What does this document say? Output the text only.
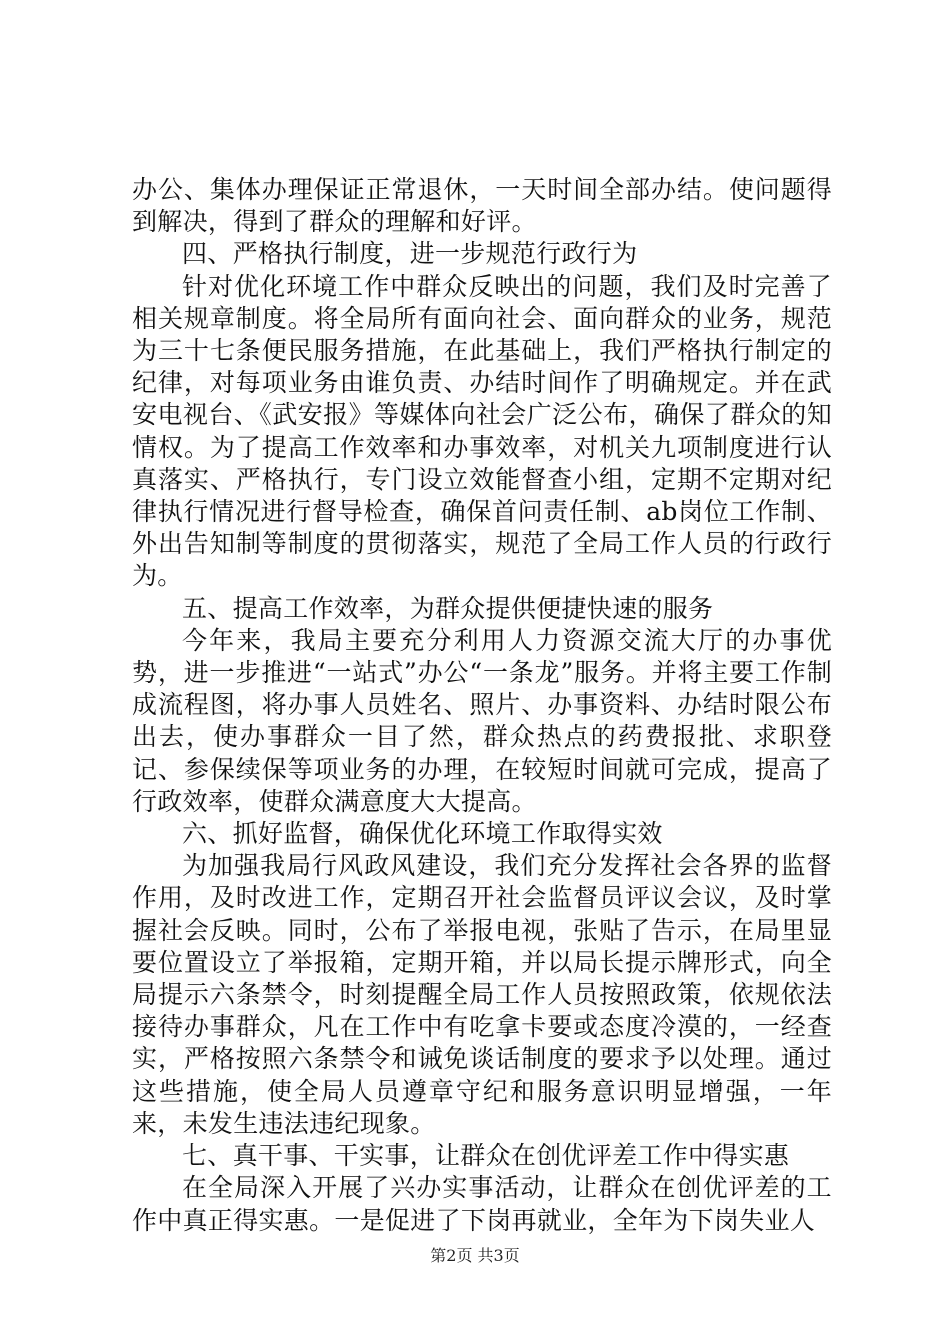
办公、集体办理保证正常退休，一天时间全部办结。使问题得到解决，得到了群众的理解和好评。

四、严格执行制度，进一步规范行政行为

针对优化环境工作中群众反映出的问题，我们及时完善了相关规章制度。将全局所有面向社会、面向群众的业务，规范为三十七条便民服务措施，在此基础上，我们严格执行制定的纪律，对每项业务由谁负责、办结时间作了明确规定。并在武安电视台、《武安报》等媒体向社会广泛公布，确保了群众的知情权。为了提高工作效率和办事效率，对机关九项制度进行认真落实、严格执行，专门设立效能督查小组，定期不定期对纪律执行情况进行督导检查，确保首问责任制、ab岗位工作制、外出告知制等制度的贯彻落实，规范了全局工作人员的行政行为。

五、提高工作效率，为群众提供便捷快速的服务

今年来，我局主要充分利用人力资源交流大厅的办事优势，进一步推进“一站式”办公“一条龙”服务。并将主要工作制成流程图，将办事人员姓名、照片、办事资料、办结时限公布出去，使办事群众一目了然，群众热点的药费报批、求职登记、参保续保等项业务的办理，在较短时间就可完成，提高了行政效率，使群众满意度大大提高。

六、抓好监督，确保优化环境工作取得实效

为加强我局行风政风建设，我们充分发挥社会各界的监督作用，及时改进工作，定期召开社会监督员评议会议，及时掌握社会反映。同时，公布了举报电视，张贴了告示，在局里显要位置设立了举报箱，定期开箱，并以局长提示牌形式，向全局提示六条禁令，时刻提醒全局工作人员按照政策，依规依法接待办事群众，凡在工作中有吃拿卡要或态度冷漠的，一经查实，严格按照六条禁令和诫免谈话制度的要求予以处理。通过这些措施，使全局人员遵章守纪和服务意识明显增强，一年来，未发生违法违纪现象。

七、真干事、干实事，让群众在创优评差工作中得实惠

在全局深入开展了兴办实事活动，让群众在创优评差的工作中真正得实惠。一是促进了下岗再就业，全年为下岗失业人

第2页 共3页
